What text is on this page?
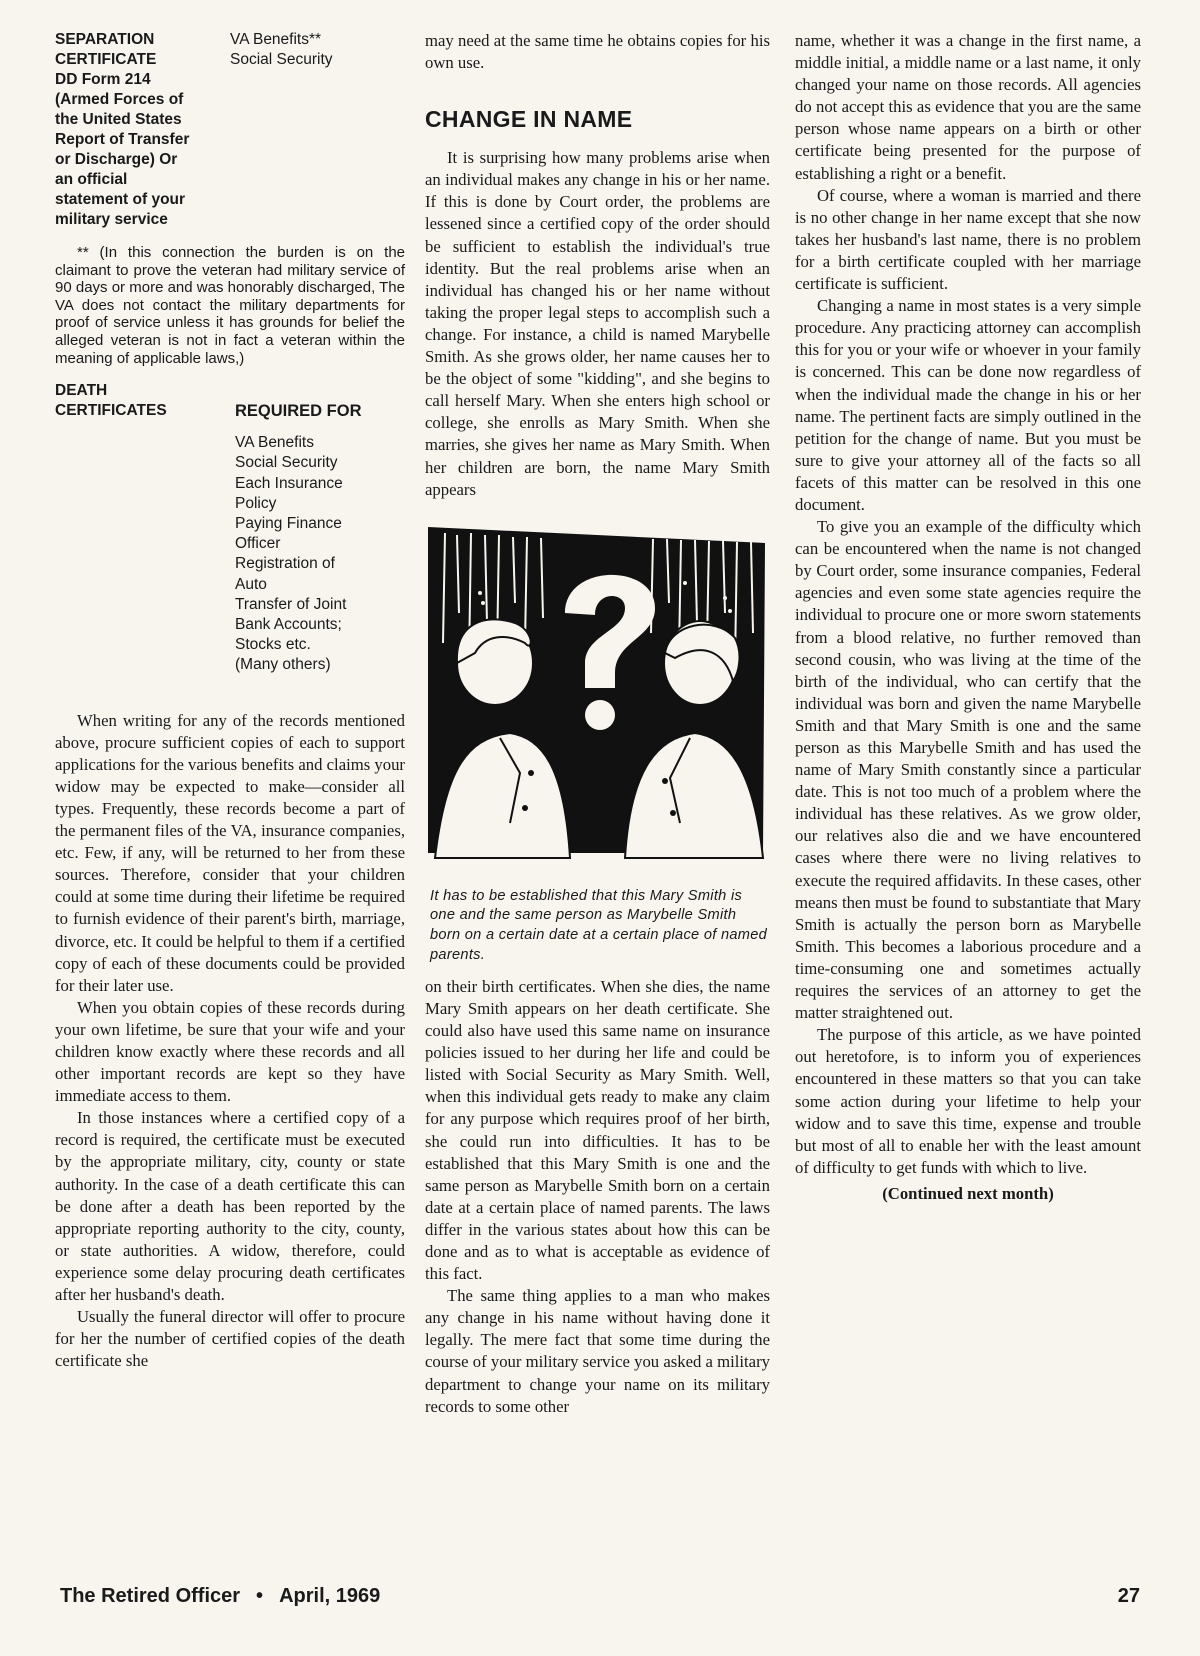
SEPARATION
CERTIFICATE
DD Form 214
(Armed Forces of
the United States
Report of Transfer
or Discharge) Or
an official
statement of your
military service
VA Benefits**
Social Security
** (In this connection the burden is on the claimant to prove the veteran had military service of 90 days or more and was honorably discharged, The VA does not contact the military departments for proof of service unless it has grounds for belief the alleged veteran is not in fact a veteran within the meaning of applicable laws,)
DEATH
CERTIFICATES	REQUIRED FOR
VA Benefits
Social Security
Each Insurance
Policy
Paying Finance
Officer
Registration of
Auto
Transfer of Joint
Bank Accounts;
Stocks etc.
(Many others)

When writing for any of the records mentioned above, procure sufficient copies of each to support applications for the various benefits and claims your widow may be expected to make—consider all types. Frequently, these records become a part of the permanent files of the VA, insurance companies, etc. Few, if any, will be returned to her from these sources. Therefore, consider that your children could at some time during their lifetime be required to furnish evidence of their parent's birth, marriage, divorce, etc. It could be helpful to them if a certified copy of each of these documents could be provided for their later use.

When you obtain copies of these records during your own lifetime, be sure that your wife and your children know exactly where these records and all other important records are kept so they have immediate access to them.

In those instances where a certified copy of a record is required, the certificate must be executed by the appropriate military, city, county or state authority. In the case of a death certificate this can be done after a death has been reported by the appropriate reporting authority to the city, county, or state authorities. A widow, therefore, could experience some delay procuring death certificates after her husband's death.

Usually the funeral director will offer to procure for her the number of certified copies of the death certificate she

may need at the same time he obtains copies for his own use.

CHANGE IN NAME

It is surprising how many problems arise when an individual makes any change in his or her name. If this is done by Court order, the problems are lessened since a certified copy of the order should be sufficient to establish the individual's true identity. But the real problems arise when an individual has changed his or her name without taking the proper legal steps to accomplish such a change. For instance, a child is named Marybelle Smith. As she grows older, her name causes her to be the object of some "kidding", and she begins to call herself Mary. When she enters high school or college, she enrolls as Mary Smith. When she marries, she gives her name as Mary Smith. When her children are born, the name Mary Smith appears

It has to be established that this Mary Smith is one and the same person as Marybelle Smith born on a certain date at a certain place of named parents.

on their birth certificates. When she dies, the name Mary Smith appears on her death certificate. She could also have used this same name on insurance policies issued to her during her life and could be listed with Social Security as Mary Smith. Well, when this individual gets ready to make any claim for any purpose which requires proof of her birth, she could run into difficulties. It has to be established that this Mary Smith is one and the same person as Marybelle Smith born on a certain date at a certain place of named parents. The laws differ in the various states about how this can be done and as to what is acceptable as evidence of this fact.

The same thing applies to a man who makes any change in his name without having done it legally. The mere fact that some time during the course of your military service you asked a military department to change your name on its military records to some other

name, whether it was a change in the first name, a middle initial, a middle name or a last name, it only changed your name on those records. All agencies do not accept this as evidence that you are the same person whose name appears on a birth or other certificate being presented for the purpose of establishing a right or a benefit.

Of course, where a woman is married and there is no other change in her name except that she now takes her husband's last name, there is no problem for a birth certificate coupled with her marriage certificate is sufficient.

Changing a name in most states is a very simple procedure. Any practicing attorney can accomplish this for you or your wife or whoever in your family is concerned. This can be done now regardless of when the individual made the change in his or her name. The pertinent facts are simply outlined in the petition for the change of name. But you must be sure to give your attorney all of the facts so all facets of this matter can be resolved in this one document.

To give you an example of the difficulty which can be encountered when the name is not changed by Court order, some insurance companies, Federal agencies and even some state agencies require the individual to procure one or more sworn statements from a blood relative, no further removed than second cousin, who was living at the time of the birth of the individual, who can certify that the individual was born and given the name Marybelle Smith and that Mary Smith is one and the same person as this Marybelle Smith and has used the name of Mary Smith constantly since a particular date. This is not too much of a problem where the individual has these relatives. As we grow older, our relatives also die and we have encountered cases where there were no living relatives to execute the required affidavits. In these cases, other means then must be found to substantiate that Mary Smith is actually the person born as Marybelle Smith. This becomes a laborious procedure and a time-consuming one and sometimes actually requires the services of an attorney to get the matter straightened out.

The purpose of this article, as we have pointed out heretofore, is to inform you of experiences encountered in these matters so that you can take some action during your lifetime to help your widow and to save this time, expense and trouble but most of all to enable her with the least amount of difficulty to get funds with which to live.

(Continued next month)
The Retired Officer • April, 1969	27
